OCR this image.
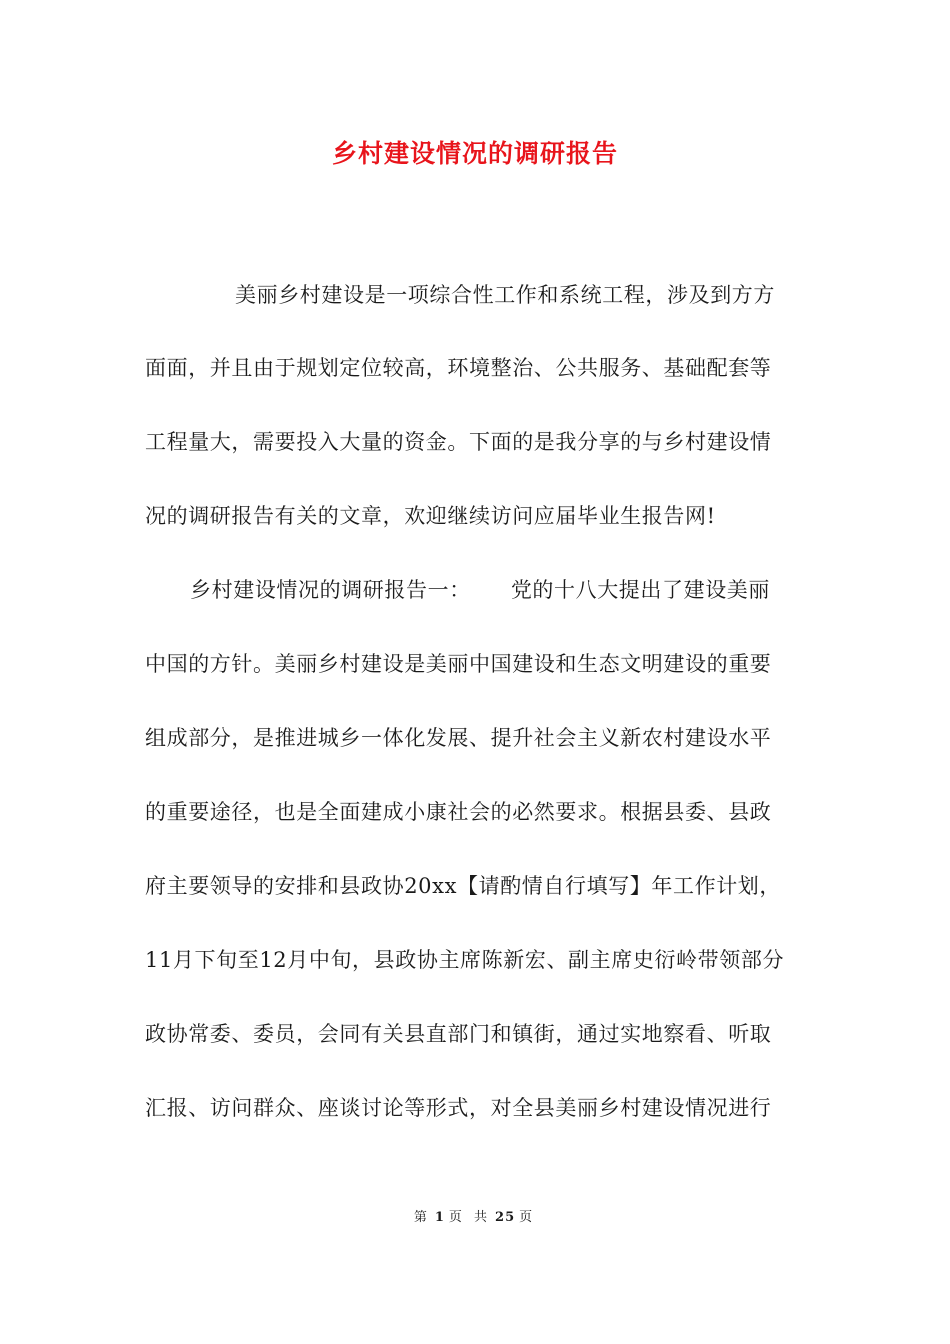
乡村建设情况的调研报告
美丽乡村建设是一项综合性工作和系统工程，涉及到方方
面面，并且由于规划定位较高，环境整治、公共服务、基础配套等
工程量大，需要投入大量的资金。下面的是我分享的与乡村建设情
况的调研报告有关的文章，欢迎继续访问应届毕业生报告网!
乡村建设情况的调研报告一： 党的十八大提出了建设美丽
中国的方针。美丽乡村建设是美丽中国建设和生态文明建设的重要
组成部分，是推进城乡一体化发展、提升社会主义新农村建设水平
的重要途径，也是全面建成小康社会的必然要求。根据县委、县政
府主要领导的安排和县政协20xx【请酌情自行填写】年工作计划，
11月下旬至12月中旬，县政协主席陈新宏、副主席史衍岭带领部分
政协常委、委员，会同有关县直部门和镇街，通过实地察看、听取
汇报、访问群众、座谈讨论等形式，对全县美丽乡村建设情况进行
第 1 页 共 25 页
